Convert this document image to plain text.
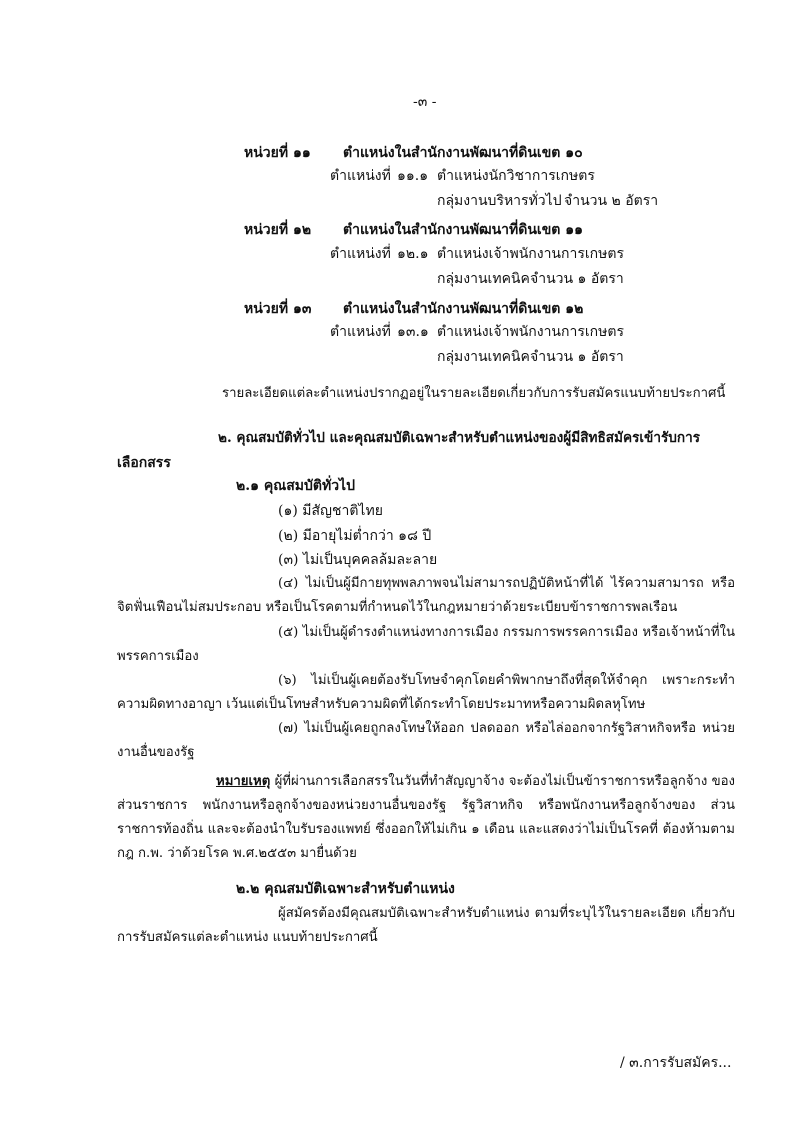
-๓ -
หน่วยที่ ๑๑ ตำแหน่งในสำนักงานพัฒนาที่ดินเขต ๑๐
ตำแหน่งที่ ๑๑.๑ ตำแหน่งนักวิชาการเกษตร
กลุ่มงานบริหารทั่วไป จำนวน ๒ อัตรา
หน่วยที่ ๑๒ ตำแหน่งในสำนักงานพัฒนาที่ดินเขต ๑๑
ตำแหน่งที่ ๑๒.๑ ตำแหน่งเจ้าพนักงานการเกษตร
กลุ่มงานเทคนิค จำนวน ๑ อัตรา
หน่วยที่ ๑๓ ตำแหน่งในสำนักงานพัฒนาที่ดินเขต ๑๒
ตำแหน่งที่ ๑๓.๑ ตำแหน่งเจ้าพนักงานการเกษตร
กลุ่มงานเทคนิค จำนวน ๑ อัตรา
รายละเอียดแต่ละตำแหน่งปรากฏอยู่ในรายละเอียดเกี่ยวกับการรับสมัครแนบท้ายประกาศนี้
๒. คุณสมบัติทั่วไป และคุณสมบัติเฉพาะสำหรับตำแหน่งของผู้มีสิทธิสมัครเข้ารับการ
เลือกสรร
๒.๑ คุณสมบัติทั่วไป
(๑) มีสัญชาติไทย
(๒) มีอายุไม่ต่ำกว่า ๑๘ ปี
(๓) ไม่เป็นบุคคลล้มละลาย
(๔) ไม่เป็นผู้มีกายทุพพลภาพจนไม่สามารถปฏิบัติหน้าที่ได้ ไร้ความสามารถ หรือจิตฟั่นเฟือนไม่สมประกอบ หรือเป็นโรคตามที่กำหนดไว้ในกฎหมายว่าด้วยระเบียบข้าราชการพลเรือน
(๕) ไม่เป็นผู้ดำรงตำแหน่งทางการเมือง กรรมการพรรคการเมือง หรือเจ้าหน้าที่ใน พรรคการเมือง
(๖) ไม่เป็นผู้เคยต้องรับโทษจำคุกโดยคำพิพากษาถึงที่สุดให้จำคุก เพราะกระทำ ความผิดทางอาญา เว้นแต่เป็นโทษสำหรับความผิดที่ได้กระทำโดยประมาทหรือความผิดลหุโทษ
(๗) ไม่เป็นผู้เคยถูกลงโทษให้ออก ปลดออก หรือไล่ออกจากรัฐวิสาหกิจหรือ หน่วยงานอื่นของรัฐ
หมายเหตุ ผู้ที่ผ่านการเลือกสรรในวันที่ทำสัญญาจ้าง จะต้องไม่เป็นข้าราชการหรือลูกจ้าง ของส่วนราชการ พนักงานหรือลูกจ้างของหน่วยงานอื่นของรัฐ รัฐวิสาหกิจ หรือพนักงานหรือลูกจ้างของ ส่วนราชการท้องถิ่น และจะต้องนำใบรับรองแพทย์ ซึ่งออกให้ไม่เกิน ๑ เดือน และแสดงว่าไม่เป็นโรคที่ ต้องห้ามตามกฎ ก.พ. ว่าด้วยโรค พ.ศ.๒๕๕๓ มายื่นด้วย
๒.๒ คุณสมบัติเฉพาะสำหรับตำแหน่ง
ผู้สมัครต้องมีคุณสมบัติเฉพาะสำหรับตำแหน่ง ตามที่ระบุไว้ในรายละเอียด เกี่ยวกับการรับสมัครแต่ละตำแหน่ง แนบท้ายประกาศนี้
/ ๓.การรับสมัคร...
